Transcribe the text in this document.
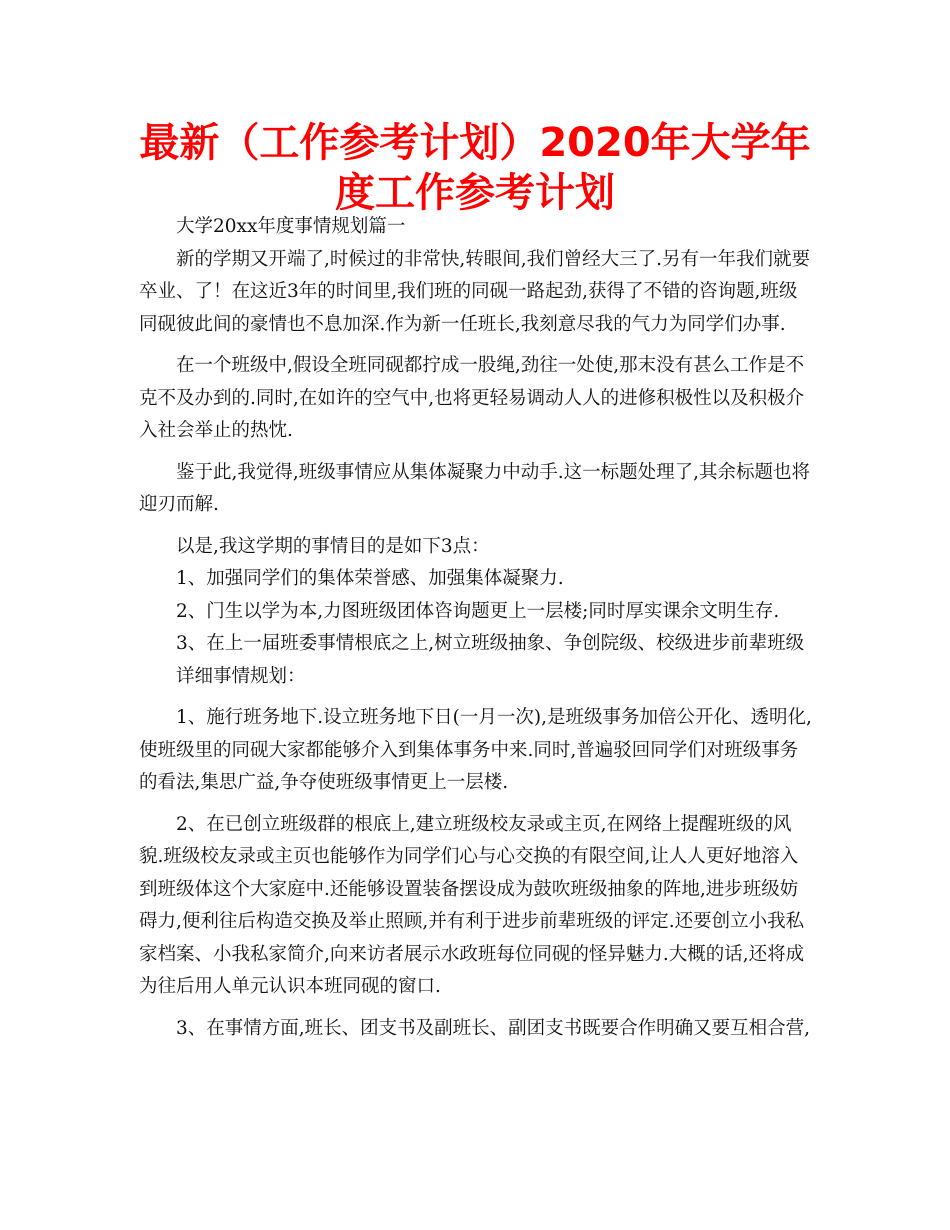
最新（工作参考计划）2020年大学年度工作参考计划

大学20xx年度事情规划篇一

新的学期又开端了,时候过的非常快,转眼间,我们曾经大三了.另有一年我们就要卒业、了！在这近3年的时间里,我们班的同砚一路起劲,获得了不错的咨询题,班级同砚彼此间的豪情也不息加深.作为新一任班长,我刻意尽我的气力为同学们办事.

在一个班级中,假设全班同砚都拧成一股绳,劲往一处使,那末没有甚么工作是不克不及办到的.同时,在如许的空气中,也将更轻易调动人人的进修积极性以及积极介入社会举止的热忱.

鉴于此,我觉得,班级事情应从集体凝聚力中动手.这一标题处理了,其余标题也将迎刃而解.

以是,我这学期的事情目的是如下3点：

1、加强同学们的集体荣誉感、加强集体凝聚力.

2、门生以学为本,力图班级团体咨询题更上一层楼;同时厚实课余文明生存.

3、在上一届班委事情根底之上,树立班级抽象、争创院级、校级进步前辈班级

详细事情规划：

1、施行班务地下.设立班务地下日(一月一次),是班级事务加倍公开化、透明化,使班级里的同砚大家都能够介入到集体事务中来.同时,普遍驳回同学们对班级事务的看法,集思广益,争夺使班级事情更上一层楼.

2、在已创立班级群的根底上,建立班级校友录或主页,在网络上提醒班级的风貌.班级校友录或主页也能够作为同学们心与心交换的有限空间,让人人更好地溶入到班级体这个大家庭中.还能够设置装备摆设成为鼓吹班级抽象的阵地,进步班级妨碍力,便利往后构造交换及举止照顾,并有利于进步前辈班级的评定.还要创立小我私家档案、小我私家简介,向来访者展示水政班每位同砚的怪异魅力.大概的话,还将成为往后用人单元认识本班同砚的窗口.

3、在事情方面,班长、团支书及副班长、副团支书既要合作明确又要互相合营,
